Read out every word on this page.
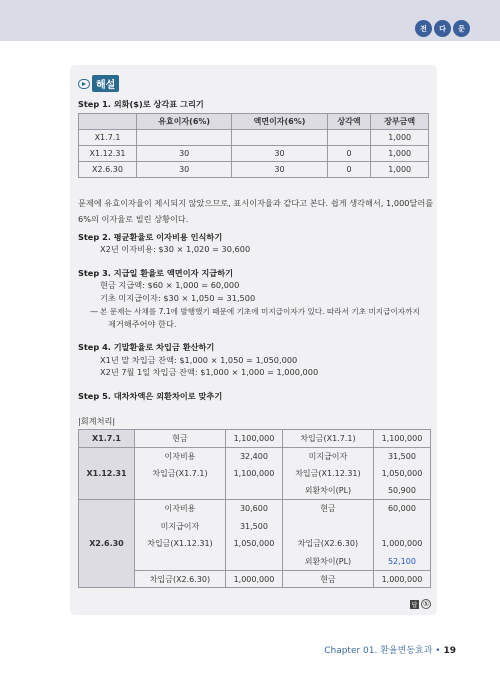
전	다	문
해설
Step 1. 외화($)로 상각표 그리기
	유효이자(6%)	액면이자(6%)	상각액	장부금액
X1.7.1				1,000
X1.12.31	30	30	0	1,000
X2.6.30	30	30	0	1,000
문제에 유효이자율이 제시되지 않았으므로, 표시이자율과 같다고 본다. 쉽게 생각해서, 1,000달러를 6%의 이자율로 빌린 상황이다.
Step 2. 평균환율로 이자비용 인식하기
X2년 이자비용: $30 × 1,020 = 30,600
Step 3. 지급일 환율로 액면이자 지급하기
현금 지급액: $60 × 1,000 = 60,000
기초 미지급이자: $30 × 1,050 = 31,500
— 본 문제는 사채를 7.1에 발행했기 때문에 기초에 미지급이자가 있다. 따라서 기초 미지급이자까지
제거해주어야 한다.
Step 4. 기말환율로 차입금 환산하기
X1년 말 차입금 잔액: $1,000 × 1,050 = 1,050,000
X2년 7월 1일 차입금 잔액: $1,000 × 1,000 = 1,000,000
Step 5. 대차차액은 외환차이로 맞추기
|회계처리|
X1.7.1	현금	1,100,000	차입금(X1.7.1)	1,100,000
X1.12.31	이자비용	32,400	미지급이자	31,500
	차입금(X1.7.1)	1,100,000	차입금(X1.12.31)	1,050,000
			외환차이(PL)	50,900
X2.6.30	이자비용	30,600	현금	60,000
	미지급이자	31,500		
	차입금(X1.12.31)	1,050,000	차입금(X2.6.30)	1,000,000
			외환차이(PL)	52,100
	차입금(X2.6.30)	1,000,000	현금	1,000,000
답 ⑤
Chapter 01. 환율변동효과 • 19
